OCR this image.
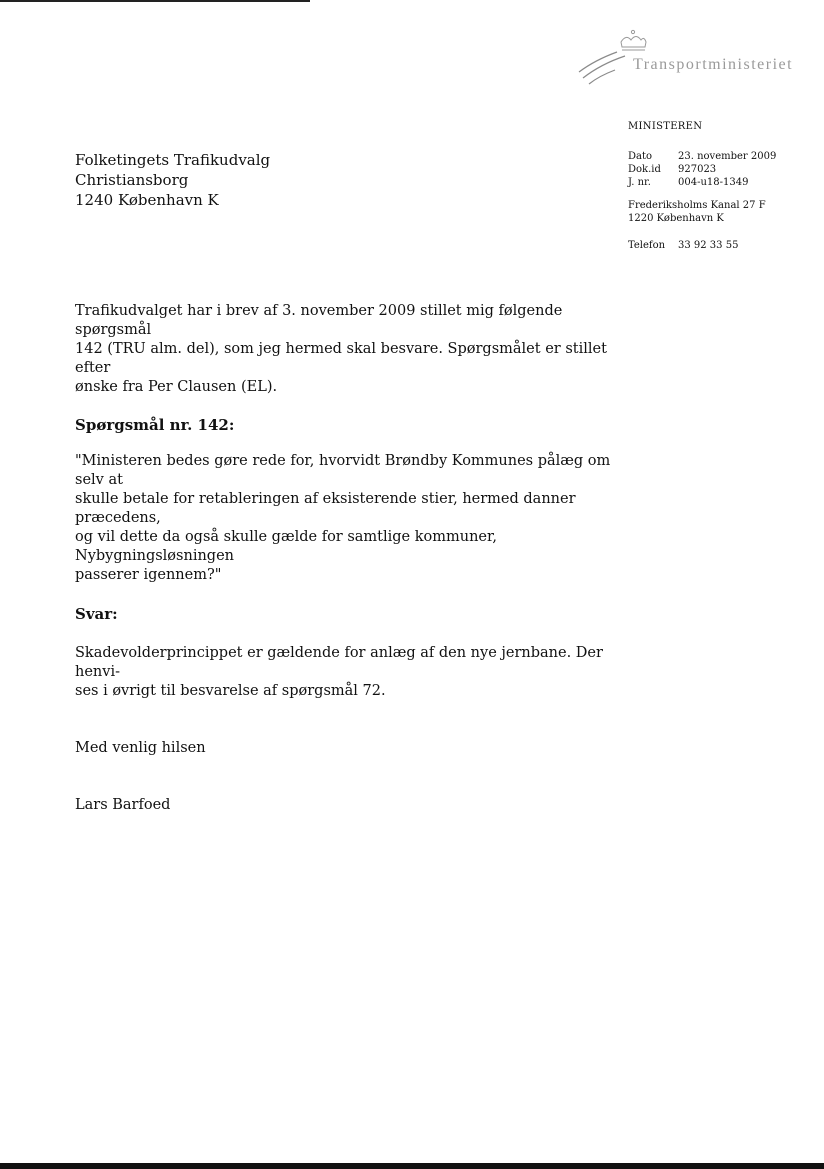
Transportministeriet
MINISTEREN
Dato	23. november 2009
Dok.id	927023
J. nr.	004-u18-1349
Frederiksholms Kanal 27 F
1220 København K
Telefon	33 92 33 55
Folketingets Trafikudvalg
Christiansborg
1240 København K

Trafikudvalget har i brev af 3. november 2009 stillet mig følgende spørgsmål
142 (TRU alm. del), som jeg hermed skal besvare. Spørgsmålet er stillet efter
ønske fra Per Clausen (EL).

Spørgsmål nr. 142:

"Ministeren bedes gøre rede for, hvorvidt Brøndby Kommunes pålæg om selv at
skulle betale for retableringen af eksisterende stier, hermed danner præcedens,
og vil dette da også skulle gælde for samtlige kommuner, Nybygningsløsningen
passerer igennem?"

Svar:

Skadevolderprincippet er gældende for anlæg af den nye jernbane. Der henvi-
ses i øvrigt til besvarelse af spørgsmål 72.

Med venlig hilsen

Lars Barfoed
